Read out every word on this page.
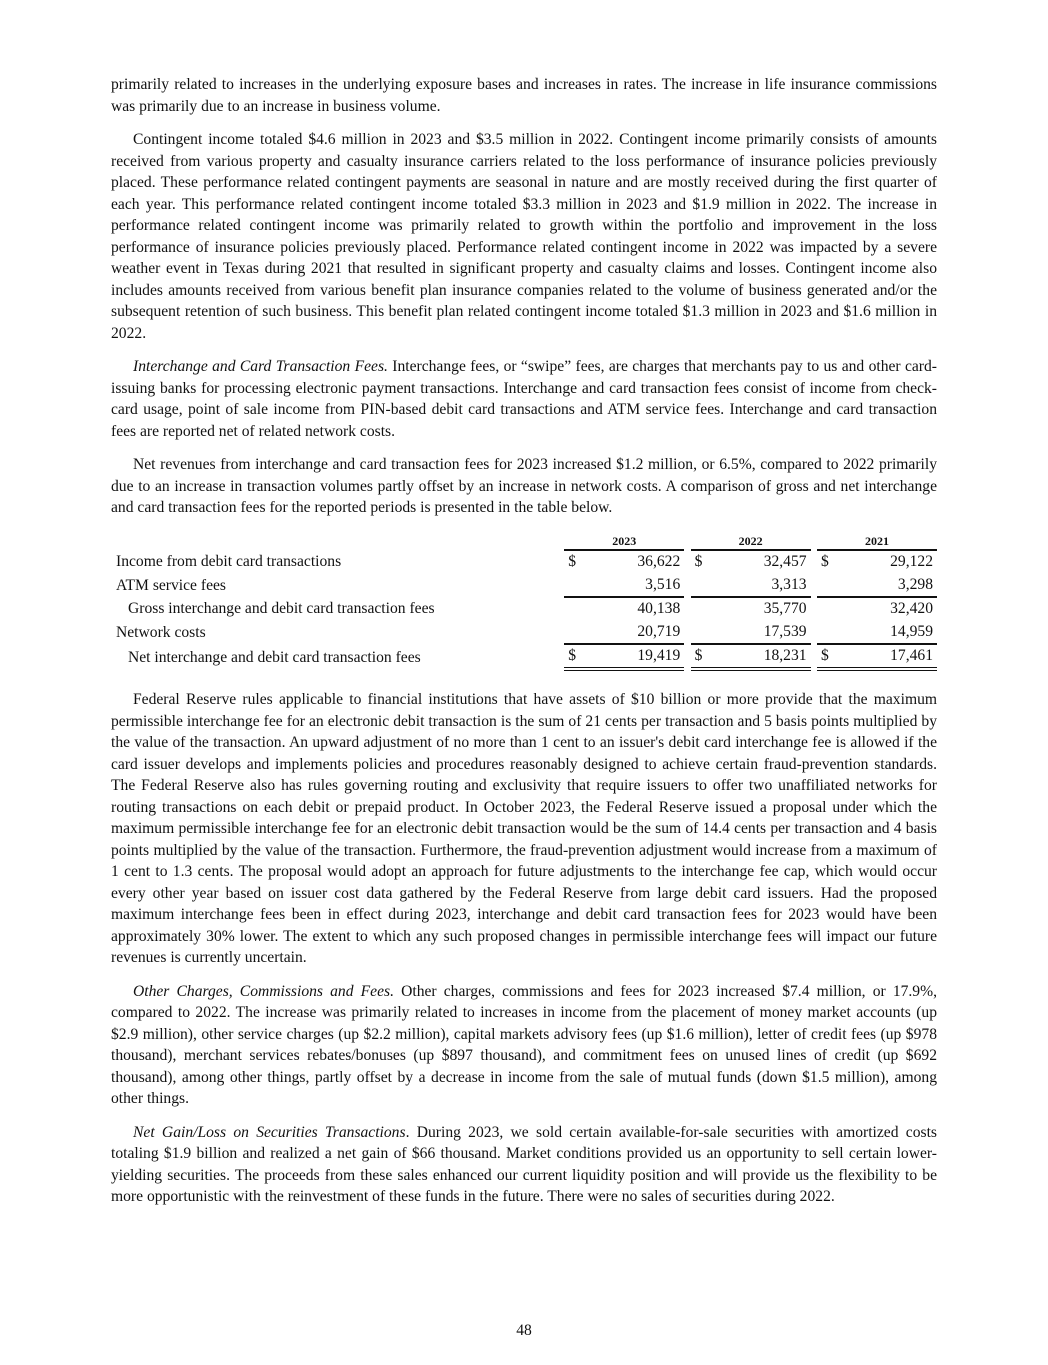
primarily related to increases in the underlying exposure bases and increases in rates. The increase in life insurance commissions was primarily due to an increase in business volume.

Contingent income totaled $4.6 million in 2023 and $3.5 million in 2022. Contingent income primarily consists of amounts received from various property and casualty insurance carriers related to the loss performance of insurance policies previously placed. These performance related contingent payments are seasonal in nature and are mostly received during the first quarter of each year. This performance related contingent income totaled $3.3 million in 2023 and $1.9 million in 2022. The increase in performance related contingent income was primarily related to growth within the portfolio and improvement in the loss performance of insurance policies previously placed. Performance related contingent income in 2022 was impacted by a severe weather event in Texas during 2021 that resulted in significant property and casualty claims and losses. Contingent income also includes amounts received from various benefit plan insurance companies related to the volume of business generated and/or the subsequent retention of such business. This benefit plan related contingent income totaled $1.3 million in 2023 and $1.6 million in 2022.

Interchange and Card Transaction Fees. Interchange fees, or “swipe” fees, are charges that merchants pay to us and other card-issuing banks for processing electronic payment transactions. Interchange and card transaction fees consist of income from check-card usage, point of sale income from PIN-based debit card transactions and ATM service fees. Interchange and card transaction fees are reported net of related network costs.

Net revenues from interchange and card transaction fees for 2023 increased $1.2 million, or 6.5%, compared to 2022 primarily due to an increase in transaction volumes partly offset by an increase in network costs. A comparison of gross and net interchange and card transaction fees for the reported periods is presented in the table below.

		2023			2022			2021	
Income from debit card transactions		$	36,622		$	32,457		$	29,122
ATM service fees			3,516			3,313			3,298
Gross interchange and debit card transaction fees			40,138			35,770			32,420
Network costs			20,719			17,539			14,959
Net interchange and debit card transaction fees		$	19,419		$	18,231		$	17,461

Federal Reserve rules applicable to financial institutions that have assets of $10 billion or more provide that the maximum permissible interchange fee for an electronic debit transaction is the sum of 21 cents per transaction and 5 basis points multiplied by the value of the transaction. An upward adjustment of no more than 1 cent to an issuer's debit card interchange fee is allowed if the card issuer develops and implements policies and procedures reasonably designed to achieve certain fraud-prevention standards. The Federal Reserve also has rules governing routing and exclusivity that require issuers to offer two unaffiliated networks for routing transactions on each debit or prepaid product. In October 2023, the Federal Reserve issued a proposal under which the maximum permissible interchange fee for an electronic debit transaction would be the sum of 14.4 cents per transaction and 4 basis points multiplied by the value of the transaction. Furthermore, the fraud-prevention adjustment would increase from a maximum of 1 cent to 1.3 cents. The proposal would adopt an approach for future adjustments to the interchange fee cap, which would occur every other year based on issuer cost data gathered by the Federal Reserve from large debit card issuers. Had the proposed maximum interchange fees been in effect during 2023, interchange and debit card transaction fees for 2023 would have been approximately 30% lower. The extent to which any such proposed changes in permissible interchange fees will impact our future revenues is currently uncertain.

Other Charges, Commissions and Fees. Other charges, commissions and fees for 2023 increased $7.4 million, or 17.9%, compared to 2022. The increase was primarily related to increases in income from the placement of money market accounts (up $2.9 million), other service charges (up $2.2 million), capital markets advisory fees (up $1.6 million), letter of credit fees (up $978 thousand), merchant services rebates/bonuses (up $897 thousand), and commitment fees on unused lines of credit (up $692 thousand), among other things, partly offset by a decrease in income from the sale of mutual funds (down $1.5 million), among other things.

Net Gain/Loss on Securities Transactions. During 2023, we sold certain available-for-sale securities with amortized costs totaling $1.9 billion and realized a net gain of $66 thousand. Market conditions provided us an opportunity to sell certain lower-yielding securities. The proceeds from these sales enhanced our current liquidity position and will provide us the flexibility to be more opportunistic with the reinvestment of these funds in the future. There were no sales of securities during 2022.

48
